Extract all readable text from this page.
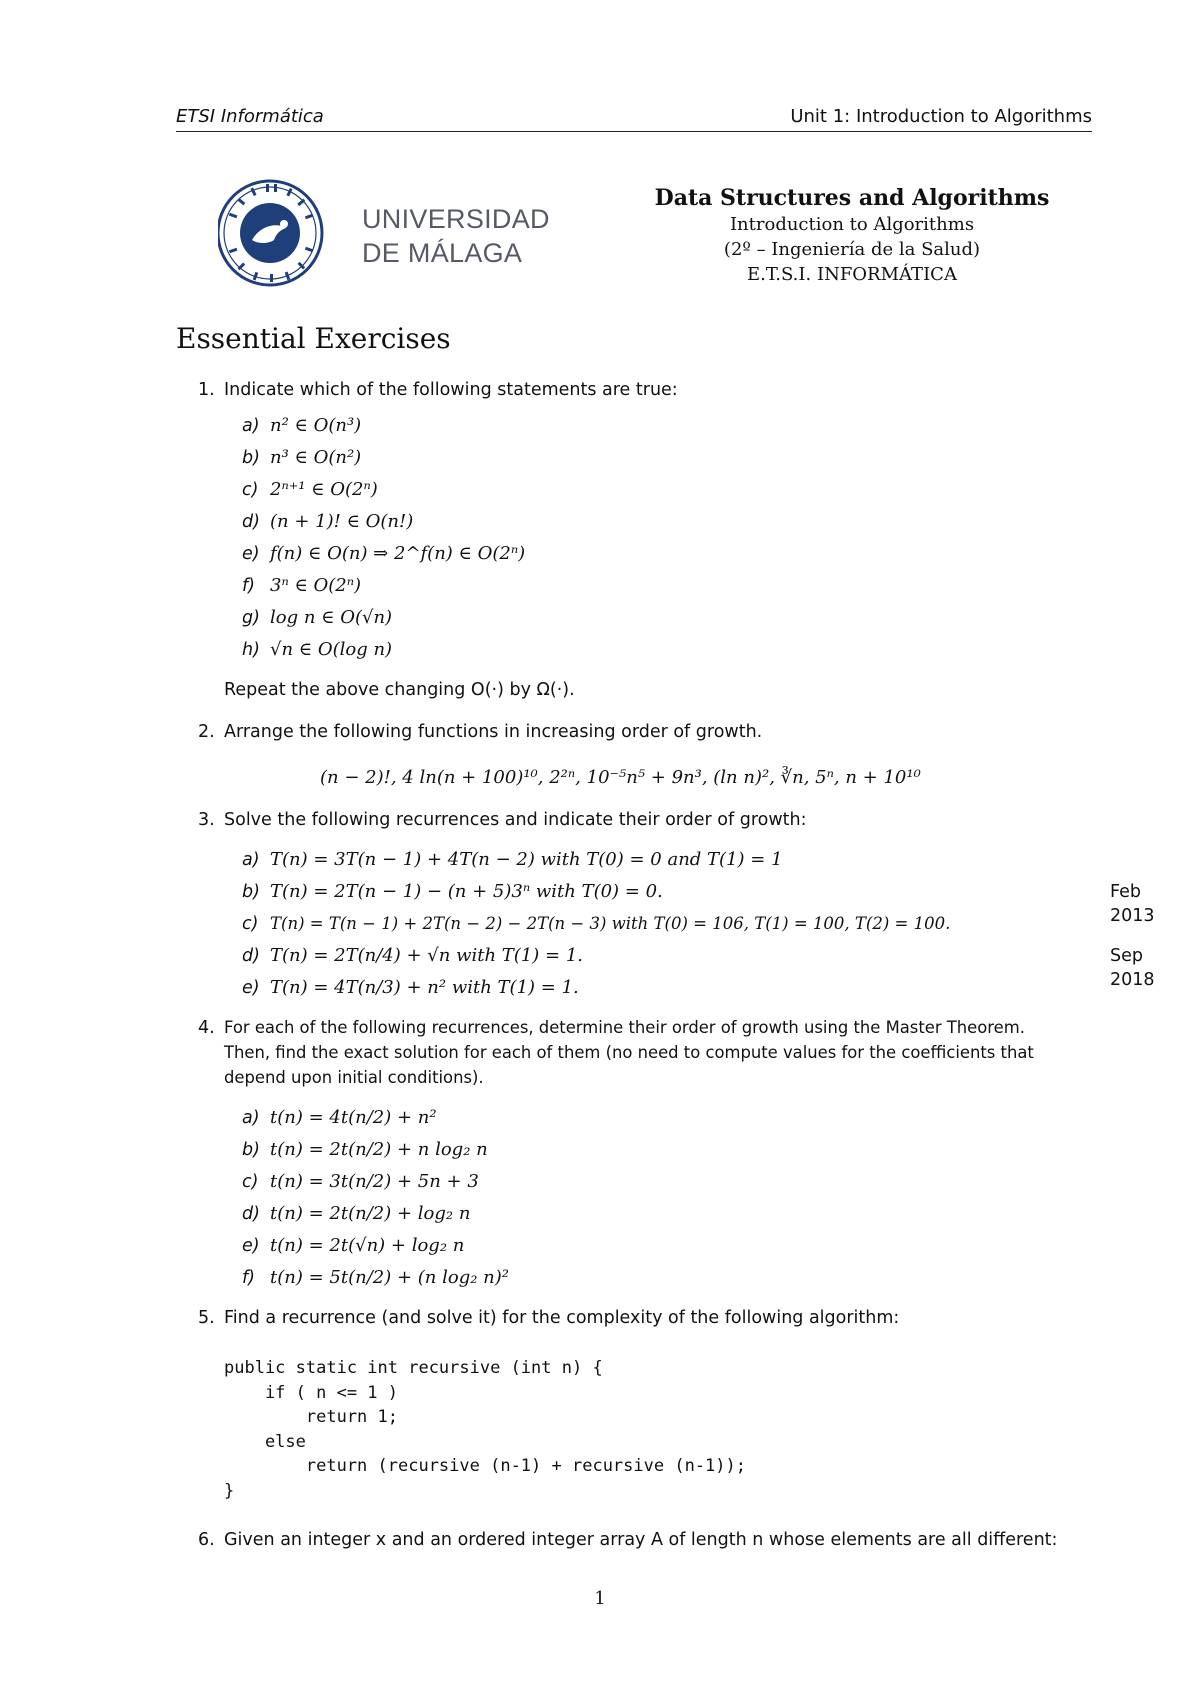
ETSI Informática	Unit 1: Introduction to Algorithms
UNIVERSIDAD
DE MÁLAGA
Data Structures and Algorithms
Introduction to Algorithms
(2º – Ingeniería de la Salud)
E.T.S.I. INFORMÁTICA
Essential Exercises
1. Indicate which of the following statements are true:
a) n² ∈ O(n³)
b) n³ ∈ O(n²)
c) 2ⁿ⁺¹ ∈ O(2ⁿ)
d) (n + 1)! ∈ O(n!)
e) f(n) ∈ O(n) ⇒ 2^f(n) ∈ O(2ⁿ)
f) 3ⁿ ∈ O(2ⁿ)
g) log n ∈ O(√n)
h) √n ∈ O(log n)
Repeat the above changing O(·) by Ω(·).
2. Arrange the following functions in increasing order of growth.
(n − 2)!, 4 ln(n + 100)¹⁰, 2²ⁿ, 10⁻⁵n⁵ + 9n³, (ln n)², ∛n, 5ⁿ, n + 10¹⁰
3. Solve the following recurrences and indicate their order of growth:
a) T(n) = 3T(n − 1) + 4T(n − 2) with T(0) = 0 and T(1) = 1
b) T(n) = 2T(n − 1) − (n + 5)3ⁿ with T(0) = 0.
c) T(n) = T(n − 1) + 2T(n − 2) − 2T(n − 3) with T(0) = 106, T(1) = 100, T(2) = 100.
d) T(n) = 2T(n/4) + √n with T(1) = 1.
e) T(n) = 4T(n/3) + n² with T(1) = 1.
Feb
2013
Sep
2018
4. For each of the following recurrences, determine their order of growth using the Master Theorem.
Then, find the exact solution for each of them (no need to compute values for the coefficients that
depend upon initial conditions).
a) t(n) = 4t(n/2) + n²
b) t(n) = 2t(n/2) + n log₂ n
c) t(n) = 3t(n/2) + 5n + 3
d) t(n) = 2t(n/2) + log₂ n
e) t(n) = 2t(√n) + log₂ n
f) t(n) = 5t(n/2) + (n log₂ n)²
5. Find a recurrence (and solve it) for the complexity of the following algorithm:
public static int recursive (int n) {
if ( n <= 1 )
return 1;
else
return (recursive (n-1) + recursive (n-1));
}
6. Given an integer x and an ordered integer array A of length n whose elements are all different:
1
